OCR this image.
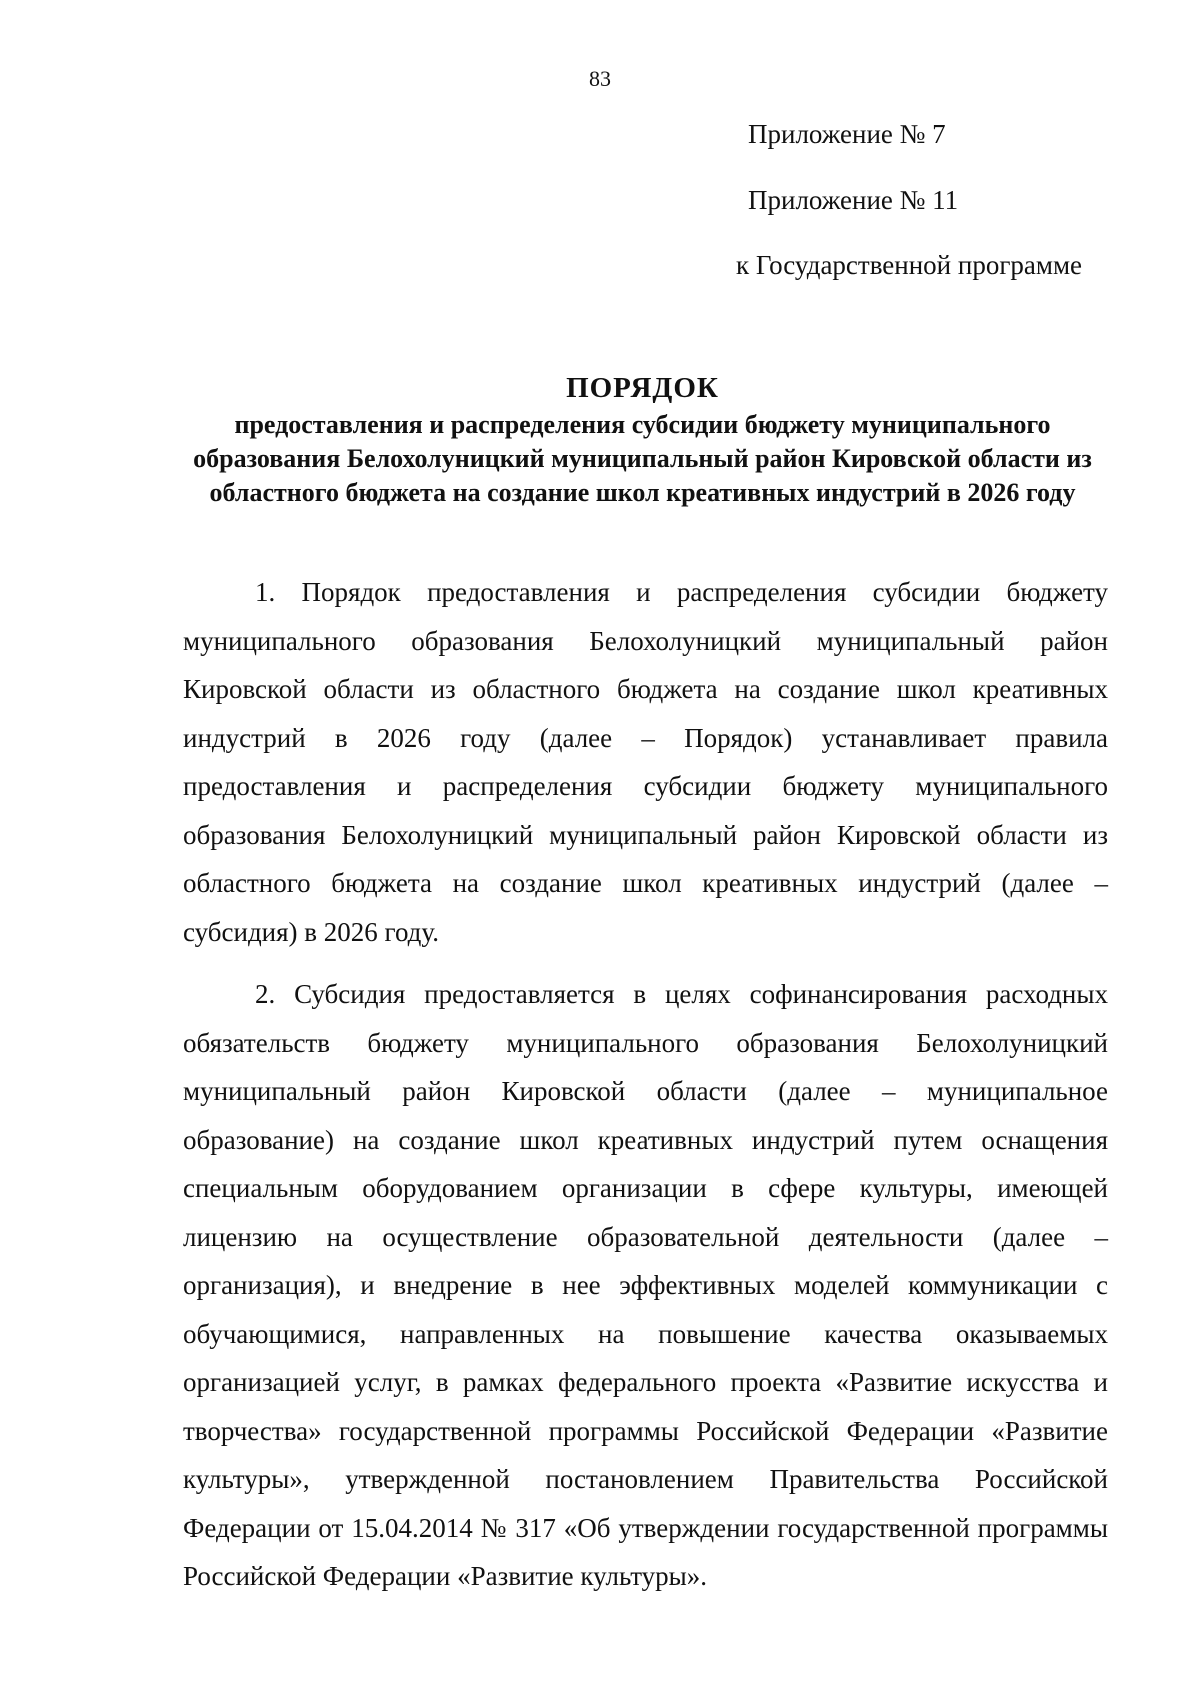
83
Приложение № 7
Приложение № 11
к Государственной программе
ПОРЯДОК
предоставления и распределения субсидии бюджету муниципального образования Белохолуницкий муниципальный район Кировской области из областного бюджета на создание школ креативных индустрий в 2026 году

1. Порядок предоставления и распределения субсидии бюджету муниципального образования Белохолуницкий муниципальный район Кировской области из областного бюджета на создание школ креативных индустрий в 2026 году (далее – Порядок) устанавливает правила предоставления и распределения субсидии бюджету муниципального образования Белохолуницкий муниципальный район Кировской области из областного бюджета на создание школ креативных индустрий (далее – субсидия) в 2026 году.

2. Субсидия предоставляется в целях софинансирования расходных обязательств бюджету муниципального образования Белохолуницкий муниципальный район Кировской области (далее – муниципальное образование) на создание школ креативных индустрий путем оснащения специальным оборудованием организации в сфере культуры, имеющей лицензию на осуществление образовательной деятельности (далее – организация), и внедрение в нее эффективных моделей коммуникации с обучающимися, направленных на повышение качества оказываемых организацией услуг, в рамках федерального проекта «Развитие искусства и творчества» государственной программы Российской Федерации «Развитие культуры», утвержденной постановлением Правительства Российской Федерации от 15.04.2014 № 317 «Об утверждении государственной программы Российской Федерации «Развитие культуры».
